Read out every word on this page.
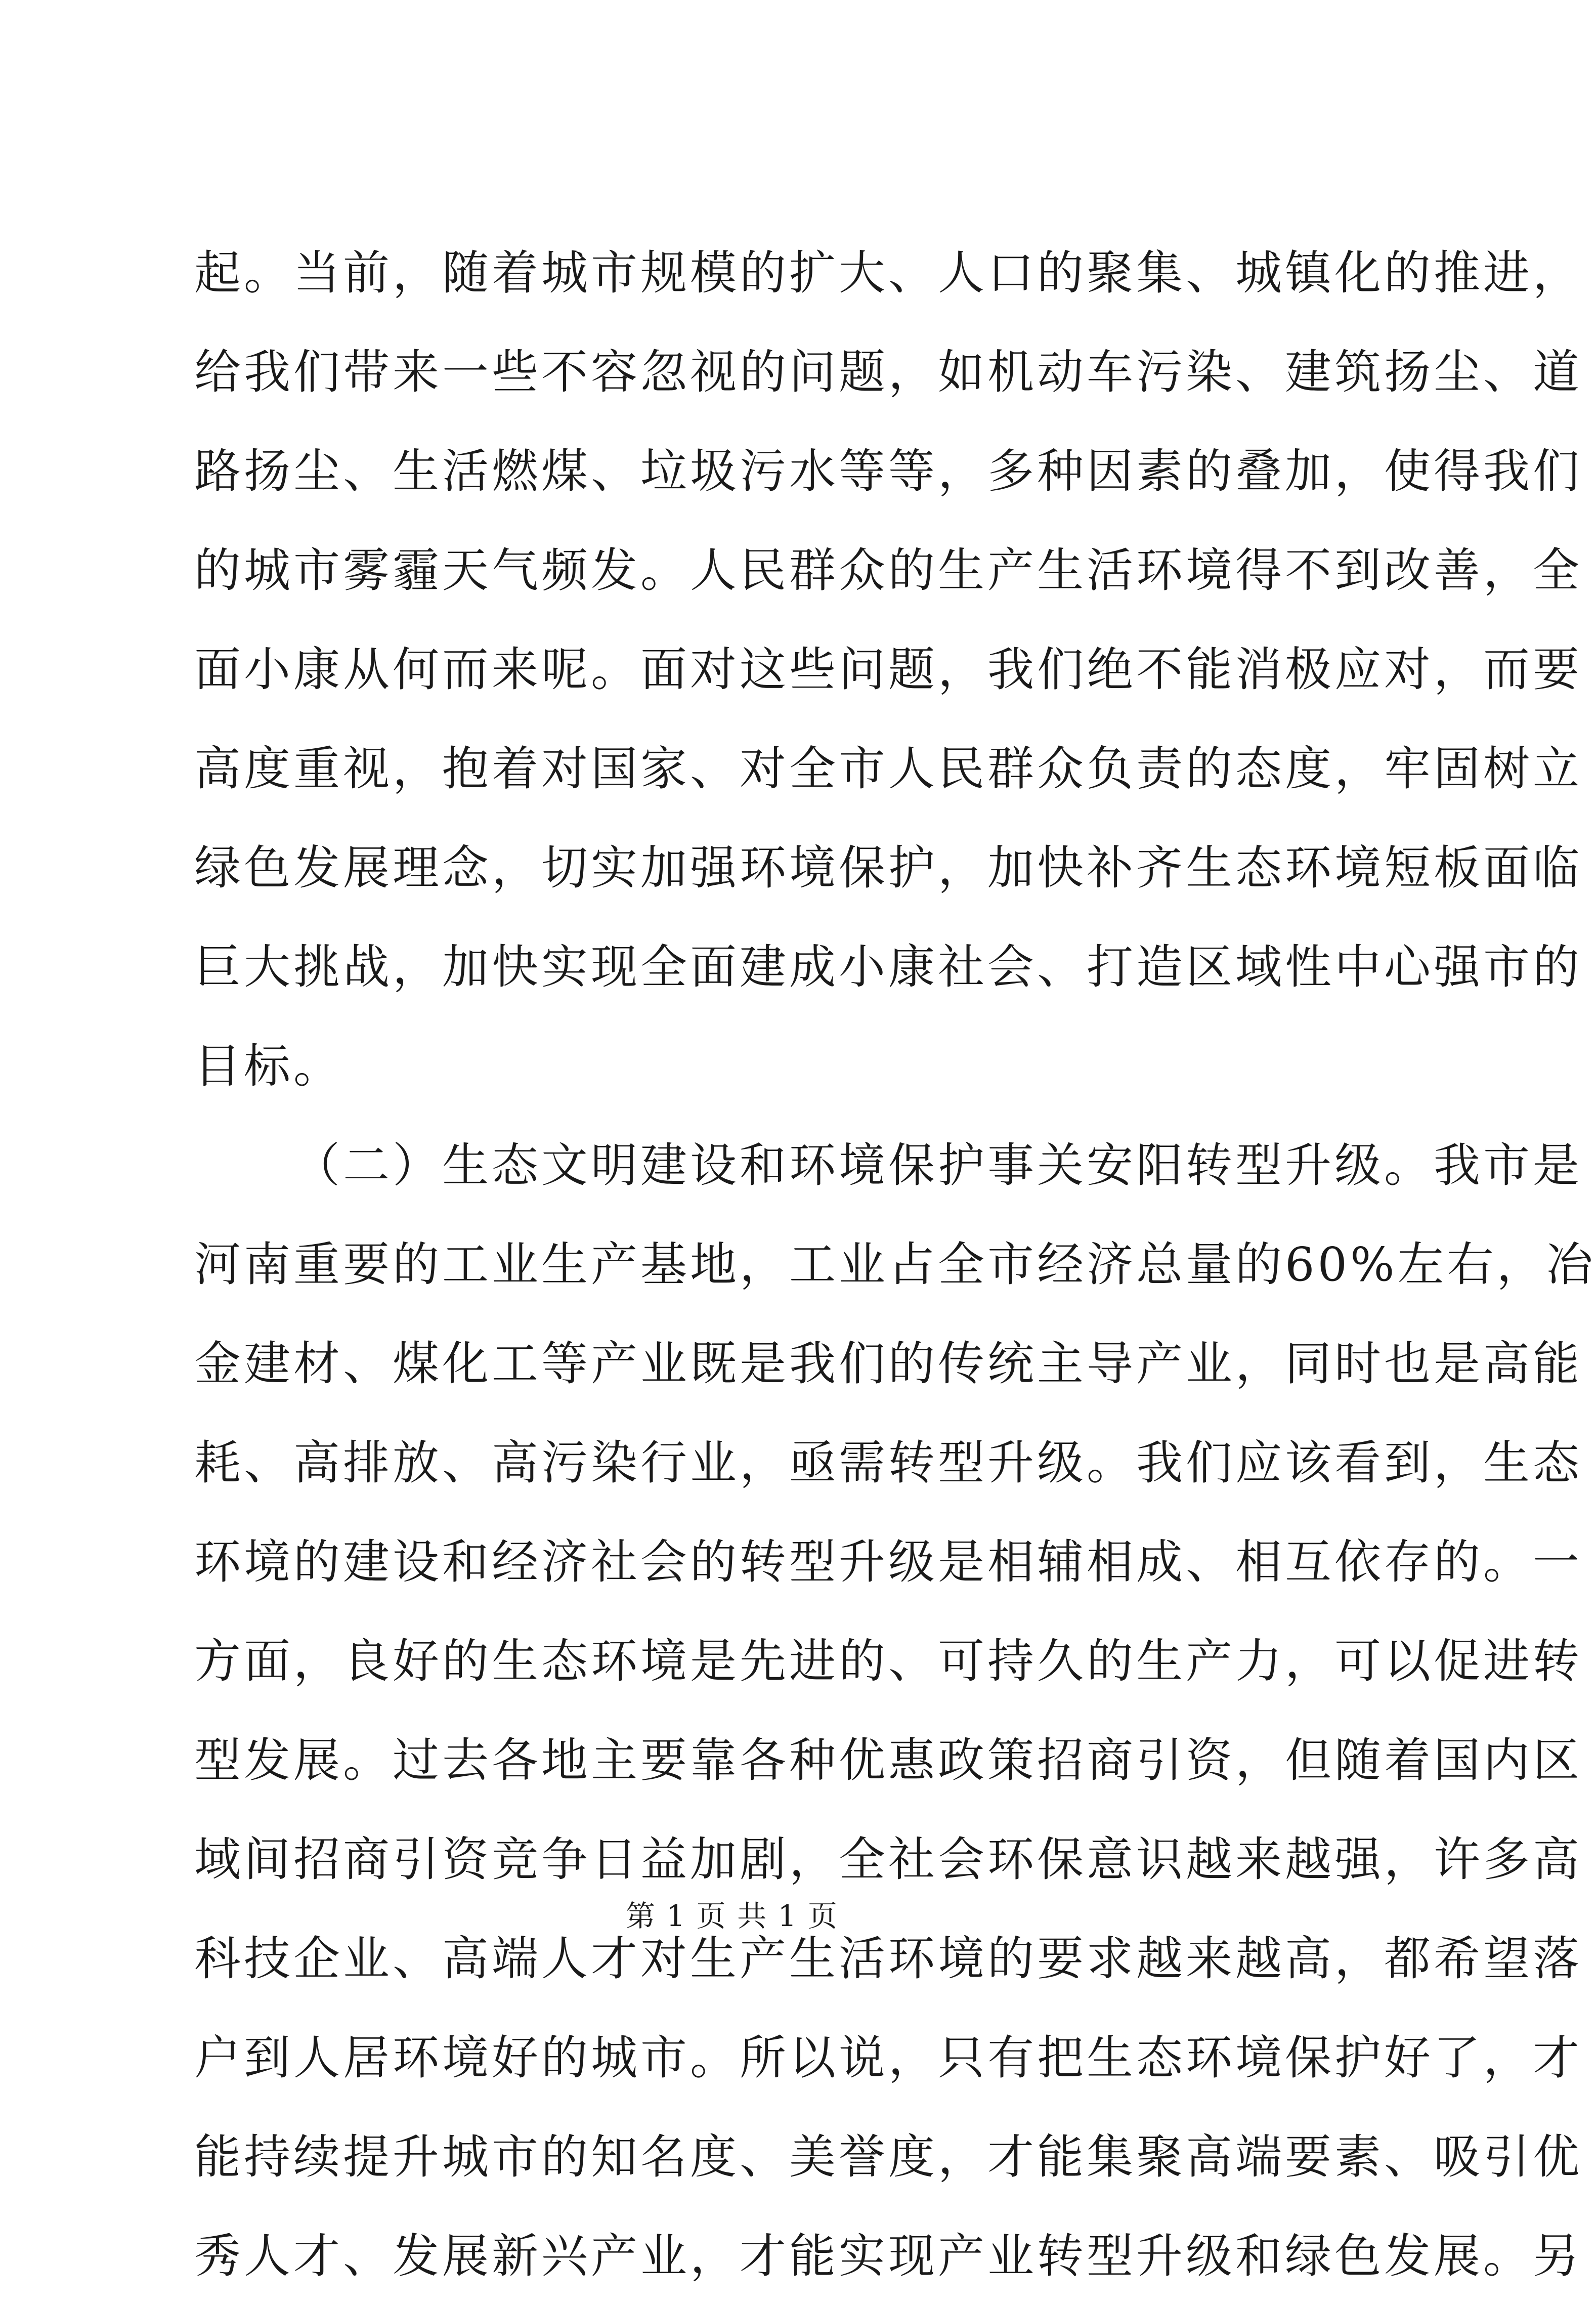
起。当前，随着城市规模的扩大、人口的聚集、城镇化的推进，
给我们带来一些不容忽视的问题，如机动车污染、建筑扬尘、道
路扬尘、生活燃煤、垃圾污水等等，多种因素的叠加，使得我们
的城市雾霾天气频发。人民群众的生产生活环境得不到改善，全
面小康从何而来呢。面对这些问题，我们绝不能消极应对，而要
高度重视，抱着对国家、对全市人民群众负责的态度，牢固树立
绿色发展理念，切实加强环境保护，加快补齐生态环境短板面临
巨大挑战，加快实现全面建成小康社会、打造区域性中心强市的
目标。
（二）生态文明建设和环境保护事关安阳转型升级。我市是
河南重要的工业生产基地，工业占全市经济总量的60%左右，冶
金建材、煤化工等产业既是我们的传统主导产业，同时也是高能
耗、高排放、高污染行业，亟需转型升级。我们应该看到，生态
环境的建设和经济社会的转型升级是相辅相成、相互依存的。一
方面，良好的生态环境是先进的、可持久的生产力，可以促进转
型发展。过去各地主要靠各种优惠政策招商引资，但随着国内区
域间招商引资竞争日益加剧，全社会环保意识越来越强，许多高
科技企业、高端人才对生产生活环境的要求越来越高，都希望落
户到人居环境好的城市。所以说，只有把生态环境保护好了，才
能持续提升城市的知名度、美誉度，才能集聚高端要素、吸引优
秀人才、发展新兴产业，才能实现产业转型升级和绿色发展。另
第 1 页 共 1 页
